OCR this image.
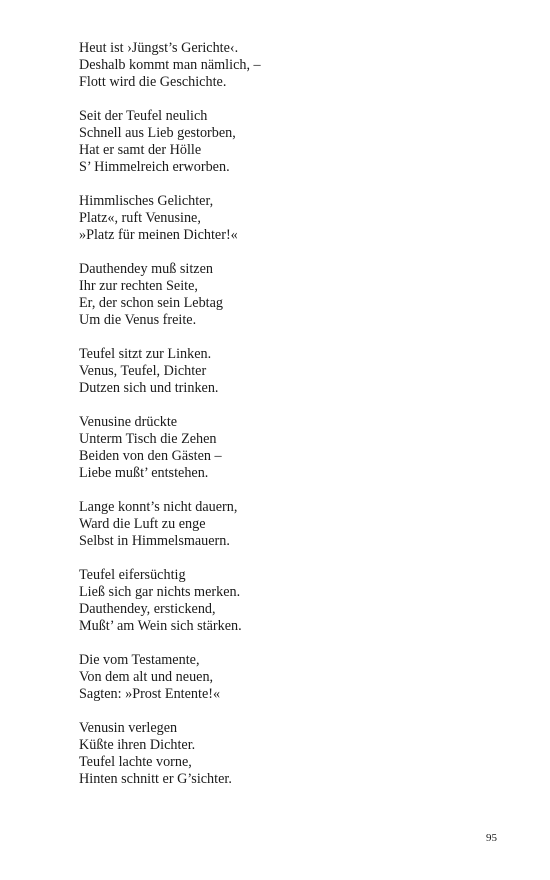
Heut ist ›Jüngst’s Gerichte‹.
Deshalb kommt man nämlich, –
Flott wird die Geschichte.
Seit der Teufel neulich
Schnell aus Lieb gestorben,
Hat er samt der Hölle
S’ Himmelreich erworben.
Himmlisches Gelichter,
Platz«, ruft Venusine,
»Platz für meinen Dichter!«
Dauthendey muß sitzen
Ihr zur rechten Seite,
Er, der schon sein Lebtag
Um die Venus freite.
Teufel sitzt zur Linken.
Venus, Teufel, Dichter
Dutzen sich und trinken.
Venusine drückte
Unterm Tisch die Zehen
Beiden von den Gästen –
Liebe mußt’ entstehen.
Lange konnt’s nicht dauern,
Ward die Luft zu enge
Selbst in Himmelsmauern.
Teufel eifersüchtig
Ließ sich gar nichts merken.
Dauthendey, erstickend,
Mußt’ am Wein sich stärken.
Die vom Testamente,
Von dem alt und neuen,
Sagten: »Prost Entente!«
Venusin verlegen
Küßte ihren Dichter.
Teufel lachte vorne,
Hinten schnitt er G’sichter.
95
